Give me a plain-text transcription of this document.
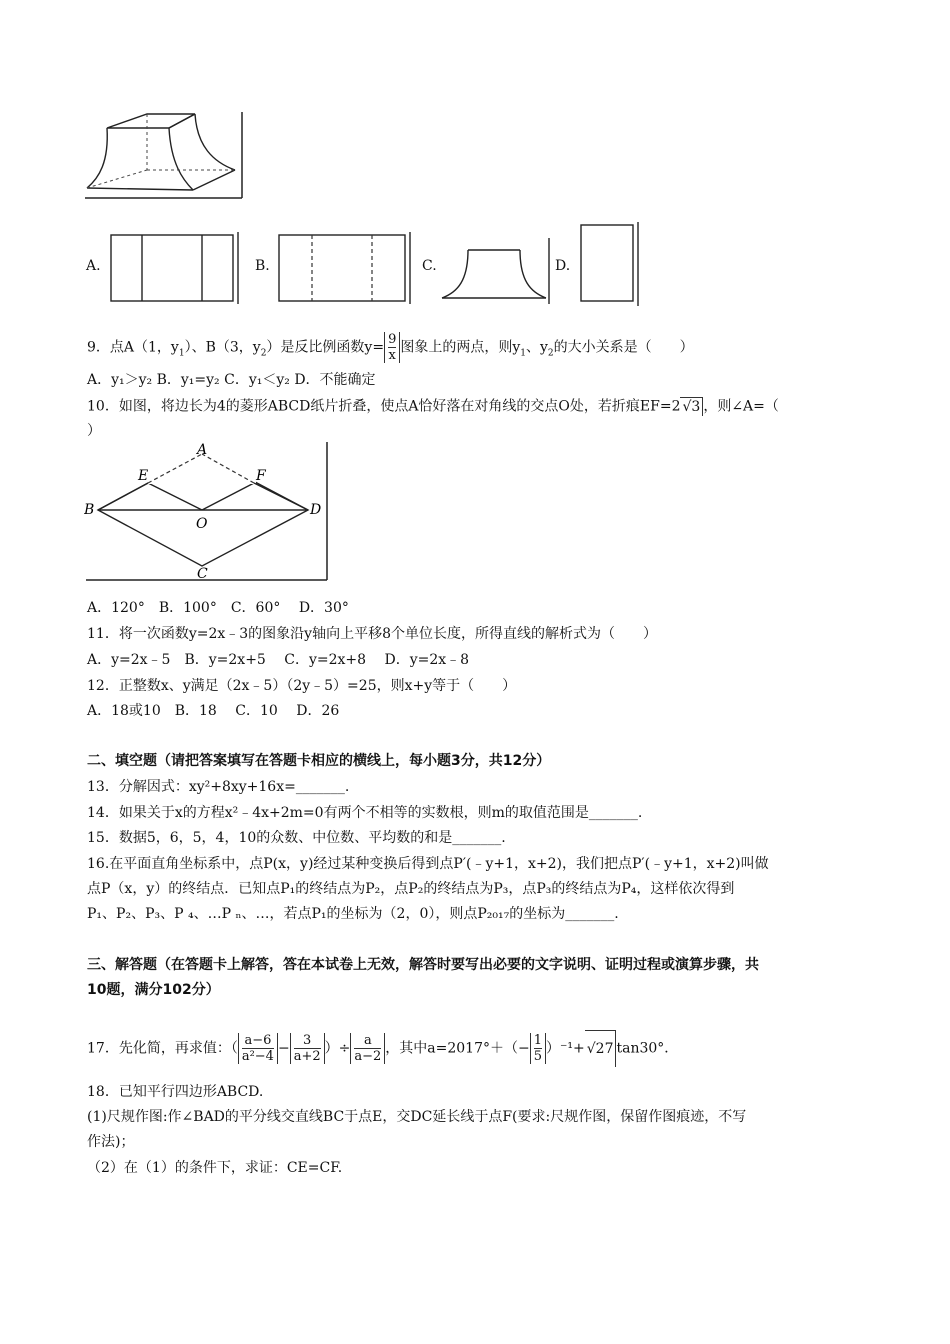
A.	B.	C.	D.
9．点A（1，$y_1$）、B（3，$y_2$）是反比例函数$y= \frac{9}{x}$ 图象上的两点，则$y_1$、$y_2$的大小关系是（　　）
A．y₁＞y₂ B．y₁=y₂ C．y₁＜y₂ D．不能确定
10．如图，将边长为4的菱形ABCD纸片折叠，使点A恰好落在对角线的交点O处，若折痕EF=2 √3 ，则∠A=（
）
A
E	F
B	D
O
C
A．120°　B．100°　C．60°　 D．30°
11．将一次函数y=2x﹣3的图象沿y轴向上平移8个单位长度，所得直线的解析式为（　　）
A．y=2x﹣5　B．y=2x+5　 C．y=2x+8　 D．y=2x﹣8
12．正整数x、y满足（2x﹣5）（2y﹣5）=25，则x+y等于（　　）
A．18或10　B．18　 C．10　 D．26
二、填空题（请把答案填写在答题卡相应的横线上，每小题3分，共12分）
13．分解因式：xy²+8xy+16x=_______.
14．如果关于x的方程x²﹣4x+2m=0有两个不相等的实数根，则m的取值范围是_______.
15．数据5，6，5，4，10的众数、中位数、平均数的和是_______.
16.在平面直角坐标系中，点P(x，y)经过某种变换后得到点P′(﹣y+1，x+2)，我们把点P′(﹣y+1，x+2)叫做
点P（x，y）的终结点．已知点P₁的终结点为P₂，点P₂的终结点为P₃，点P₃的终结点为P₄，这样依次得到
P₁、P₂、P₃、P ₄、…P ₙ、…，若点P₁的坐标为（2，0），则点P₂₀₁₇的坐标为_______.
三、解答题（在答题卡上解答，答在本试卷上无效，解答时要写出必要的文字说明、证明过程或演算步骤，共
10题，满分102分）
17．先化简，再求值：（ $\frac{a-6}{\text{a²−4}} - \frac{3}{a+2}$ ）÷ $\frac{a}{a-2}$ ，其中$a=2017^\circ+(- \frac{1}{5} )^{-1}+ √27$ tan30°．
18．已知平行四边形ABCD.
(1)尺规作图:作∠BAD的平分线交直线BC于点E，交DC延长线于点F(要求:尺规作图，保留作图痕迹，不写
作法)；
（2）在（1）的条件下，求证：CE=CF.
